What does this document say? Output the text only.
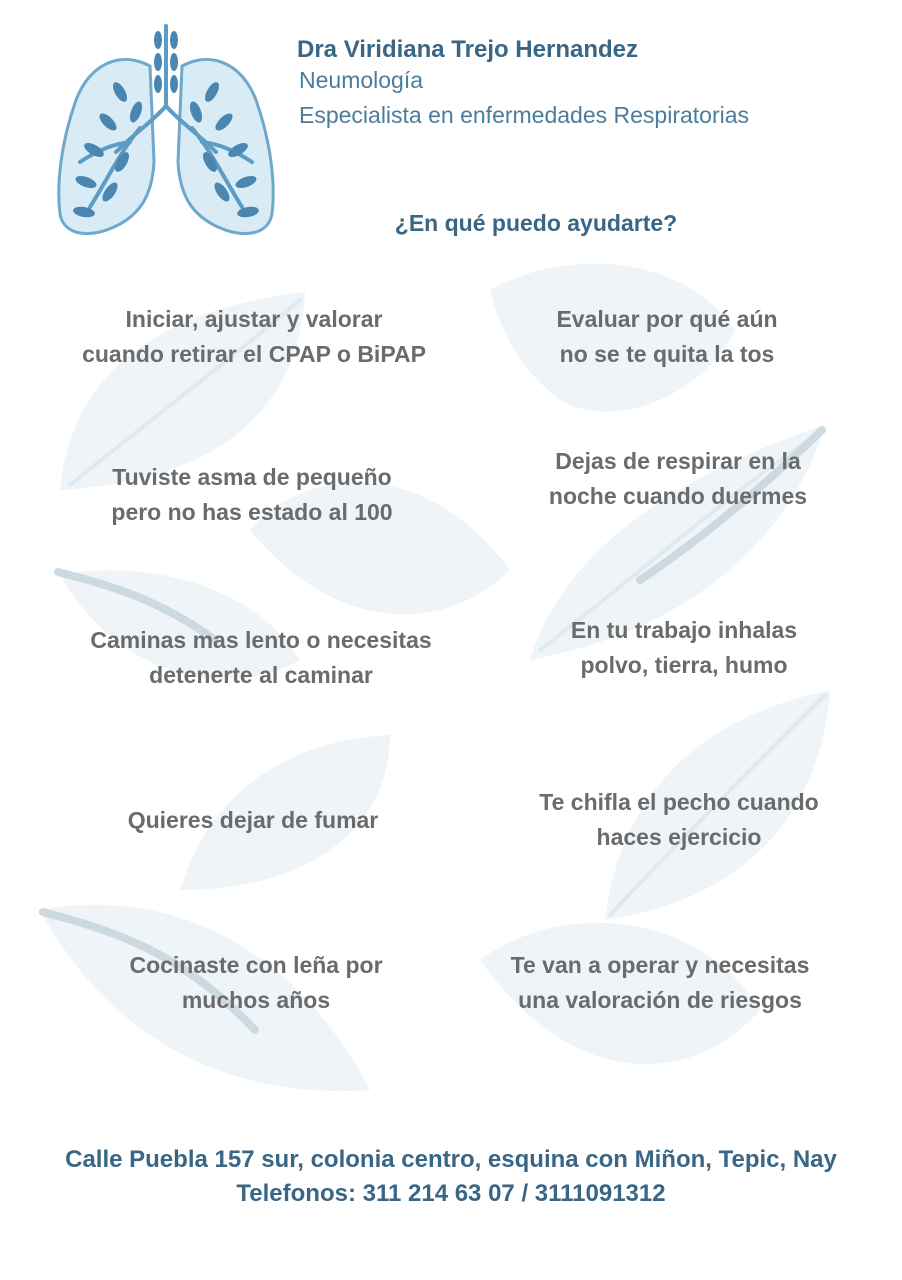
Dra Viridiana Trejo Hernandez
Neumología
Especialista en enfermedades Respiratorias
¿En qué puedo ayudarte?
Iniciar, ajustar y valorar
cuando retirar el CPAP o BiPAP
Tuviste asma de pequeño
pero no has estado al 100
Caminas mas lento o necesitas
detenerte al caminar
Quieres dejar de fumar
Cocinaste con leña por
muchos años
Evaluar por qué aún
no se te quita la tos
Dejas de respirar en la
noche cuando duermes
En tu trabajo inhalas
polvo, tierra, humo
Te chifla el pecho cuando
haces ejercicio
Te van a operar y necesitas
una valoración de riesgos
Calle Puebla 157 sur, colonia centro, esquina con Miñon, Tepic, Nay
Telefonos: 311 214 63 07 / 3111091312
